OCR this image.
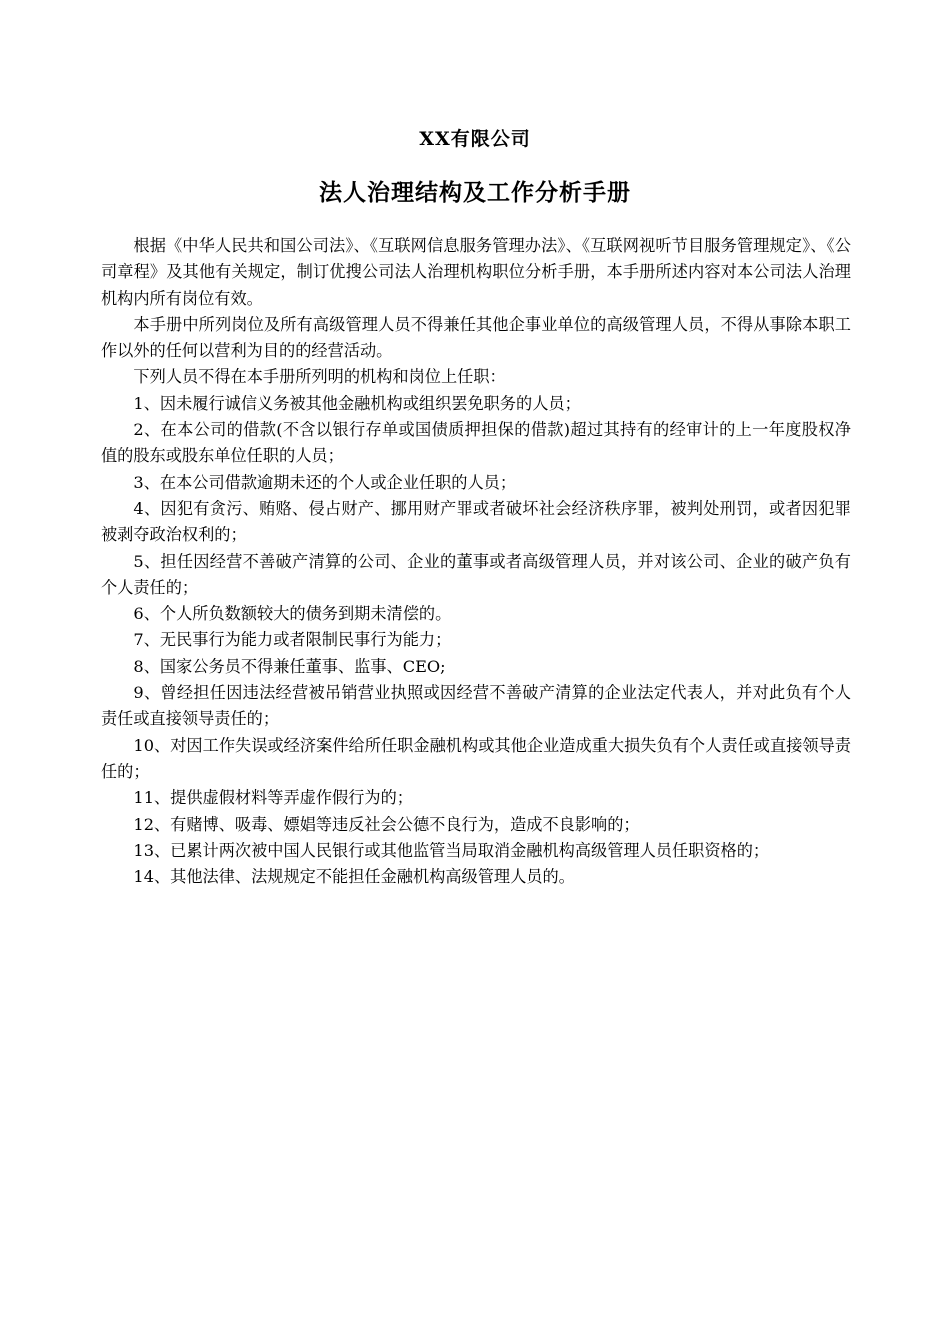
XX有限公司
法人治理结构及工作分析手册

根据《中华人民共和国公司法》、《互联网信息服务管理办法》、《互联网视听节目服务管理规定》、《公司章程》及其他有关规定，制订优搜公司法人治理机构职位分析手册，本手册所述内容对本公司法人治理机构内所有岗位有效。

本手册中所列岗位及所有高级管理人员不得兼任其他企事业单位的高级管理人员，不得从事除本职工作以外的任何以营利为目的的经营活动。

下列人员不得在本手册所列明的机构和岗位上任职：

1、因未履行诚信义务被其他金融机构或组织罢免职务的人员；

2、在本公司的借款(不含以银行存单或国债质押担保的借款)超过其持有的经审计的上一年度股权净值的股东或股东单位任职的人员；

3、在本公司借款逾期未还的个人或企业任职的人员；

4、因犯有贪污、贿赂、侵占财产、挪用财产罪或者破坏社会经济秩序罪，被判处刑罚，或者因犯罪被剥夺政治权利的；

5、担任因经营不善破产清算的公司、企业的董事或者高级管理人员，并对该公司、企业的破产负有个人责任的；

6、个人所负数额较大的债务到期未清偿的。

7、无民事行为能力或者限制民事行为能力；

8、国家公务员不得兼任董事、监事、CEO;

9、曾经担任因违法经营被吊销营业执照或因经营不善破产清算的企业法定代表人，并对此负有个人责任或直接领导责任的；

10、对因工作失误或经济案件给所任职金融机构或其他企业造成重大损失负有个人责任或直接领导责任的；

11、提供虚假材料等弄虚作假行为的；

12、有赌博、吸毒、嫖娼等违反社会公德不良行为，造成不良影响的；

13、已累计两次被中国人民银行或其他监管当局取消金融机构高级管理人员任职资格的；

14、其他法律、法规规定不能担任金融机构高级管理人员的。
